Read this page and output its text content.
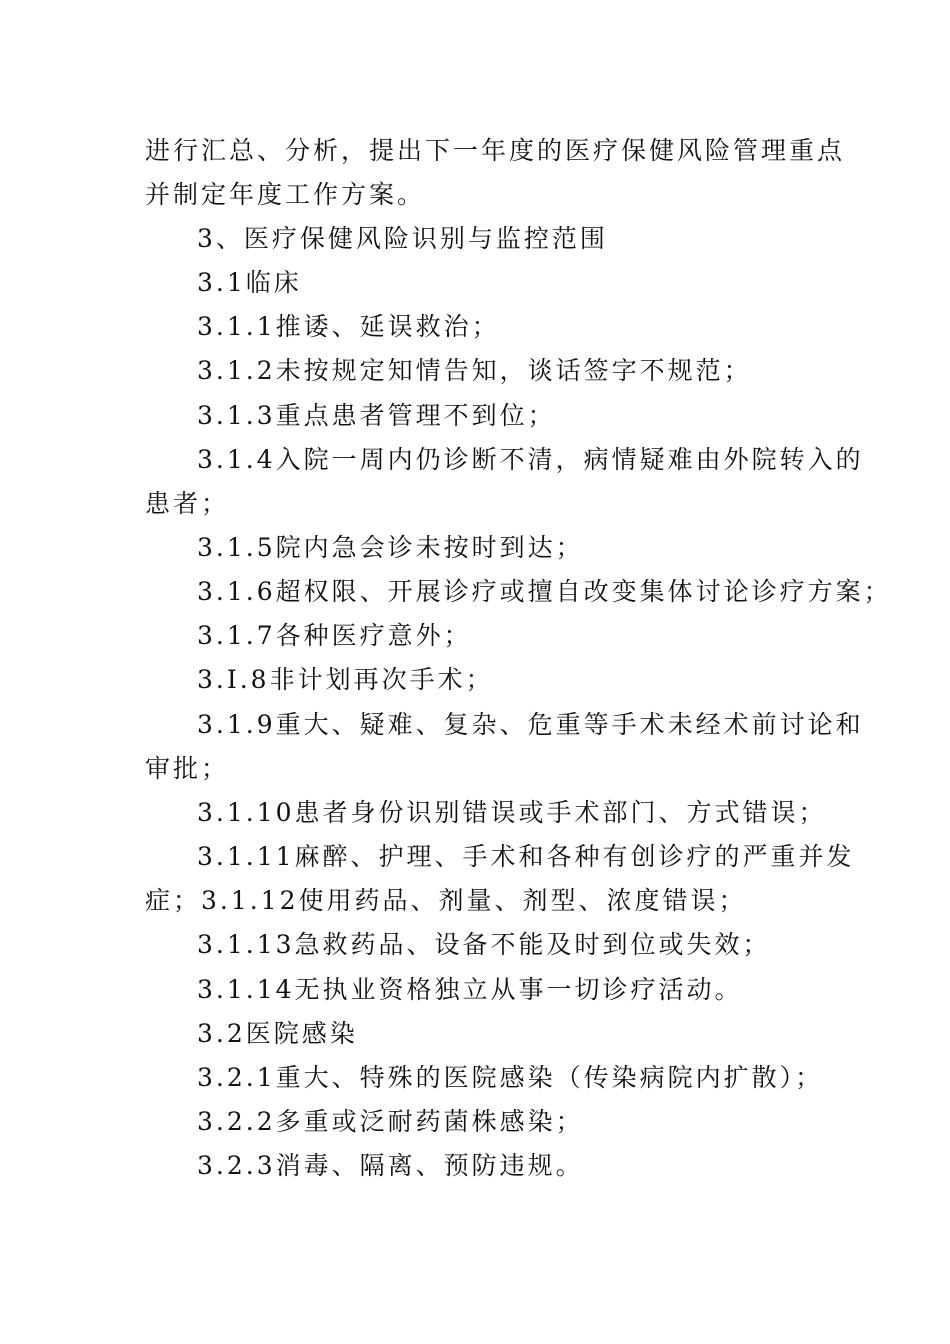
进行汇总、分析，提出下一年度的医疗保健风险管理重点
并制定年度工作方案。
3、医疗保健风险识别与监控范围
3.1临床
3.1.1推诿、延误救治；
3.1.2未按规定知情告知，谈话签字不规范；
3.1.3重点患者管理不到位；
3.1.4入院一周内仍诊断不清，病情疑难由外院转入的
患者；
3.1.5院内急会诊未按时到达；
3.1.6超权限、开展诊疗或擅自改变集体讨论诊疗方案；
3.1.7各种医疗意外；
3.I.8非计划再次手术；
3.1.9重大、疑难、复杂、危重等手术未经术前讨论和
审批；
3.1.10患者身份识别错误或手术部门、方式错误；
3.1.11麻醉、护理、手术和各种有创诊疗的严重并发
症；3.1.12使用药品、剂量、剂型、浓度错误；
3.1.13急救药品、设备不能及时到位或失效；
3.1.14无执业资格独立从事一切诊疗活动。
3.2医院感染
3.2.1重大、特殊的医院感染（传染病院内扩散）；
3.2.2多重或泛耐药菌株感染；
3.2.3消毒、隔离、预防违规。
